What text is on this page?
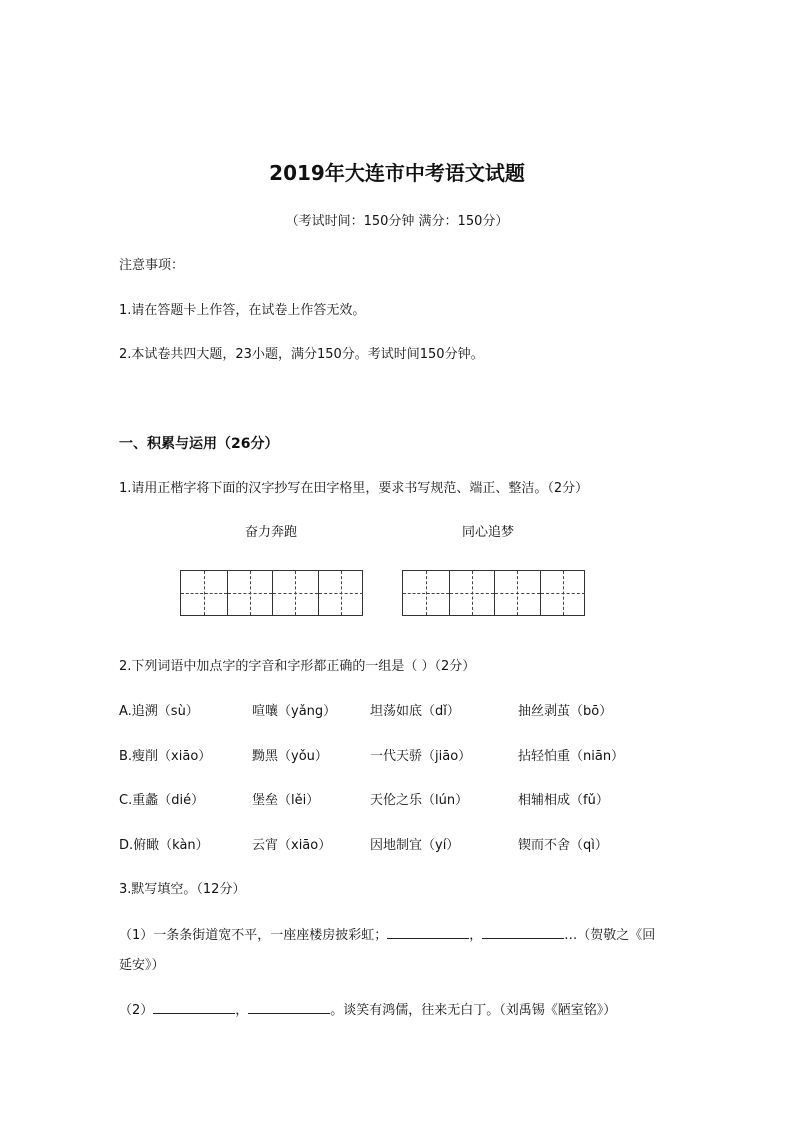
2019年大连市中考语文试题
（考试时间：150分钟 满分：150分）
注意事项：
1.请在答题卡上作答，在试卷上作答无效。
2.本试卷共四大题，23小题，满分150分。考试时间150分钟。
一、积累与运用（26分）
1.请用正楷字将下面的汉字抄写在田字格里，要求书写规范、端正、整洁。（2分）
奋力奔跑	同心追梦
2.下列词语中加点字的字音和字形都正确的一组是（ ）（2分）
A.追溯（sù）	喧嚷（yǎng）	坦荡如底（dǐ）	抽丝剥茧（bō）
B.瘦削（xiāo）	黝黑（yǒu）	一代天骄（jiāo）	拈轻怕重（niān）
C.重蠡（dié）	堡垒（lěi）	天伦之乐（lún）	相辅相成（fǔ）
D.俯瞰（kàn）	云宵（xiāo）	因地制宜（yí）	锲而不舍（qì）
3.默写填空。（12分）
（1）一条条街道宽不平，一座座楼房披彩虹；	，	…（贺敬之《回
延安》）
（2）	，	。谈笑有鸿儒，往来无白丁。（刘禹锡《陋室铭》）
